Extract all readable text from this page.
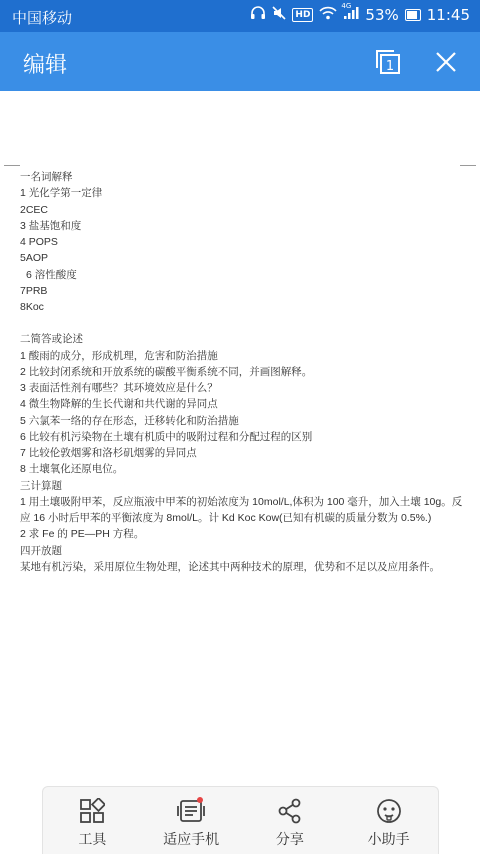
中国移动	HD
4G 53% 11:45
编辑	1
一名词解释
1 光化学第一定律
2CEC
3 盐基饱和度
4 POPS
5AOP
6 溶性酸度
7PRB
8Koc
二简答或论述
1 酸雨的成分，形成机理，危害和防治措施
2 比较封闭系统和开放系统的碳酸平衡系统不同，并画图解释。
3 表面活性剂有哪些？其环境效应是什么？
4 微生物降解的生长代谢和共代谢的异同点
5 六氯苯一络的存在形态，迁移转化和防治措施
6 比较有机污染物在土壤有机质中的吸附过程和分配过程的区别
7 比较伦敦烟雾和洛杉矶烟雾的异同点
8 土壤氧化还原电位。
三计算题
1 用土壤吸附甲苯，反应瓶液中甲苯的初始浓度为 10mol/L,体积为 100 毫升，加入土壤 10g。反应 16 小时后甲苯的平衡浓度为 8mol/L。计 Kd Koc Kow(已知有机碳的质量分数为 0.5%.)
2 求 Fe 的 PE—PH 方程。
四开放题
某地有机污染，采用原位生物处理，论述其中两种技术的原理，优势和不足以及应用条件。
工具	适应手机	分享	小助手
